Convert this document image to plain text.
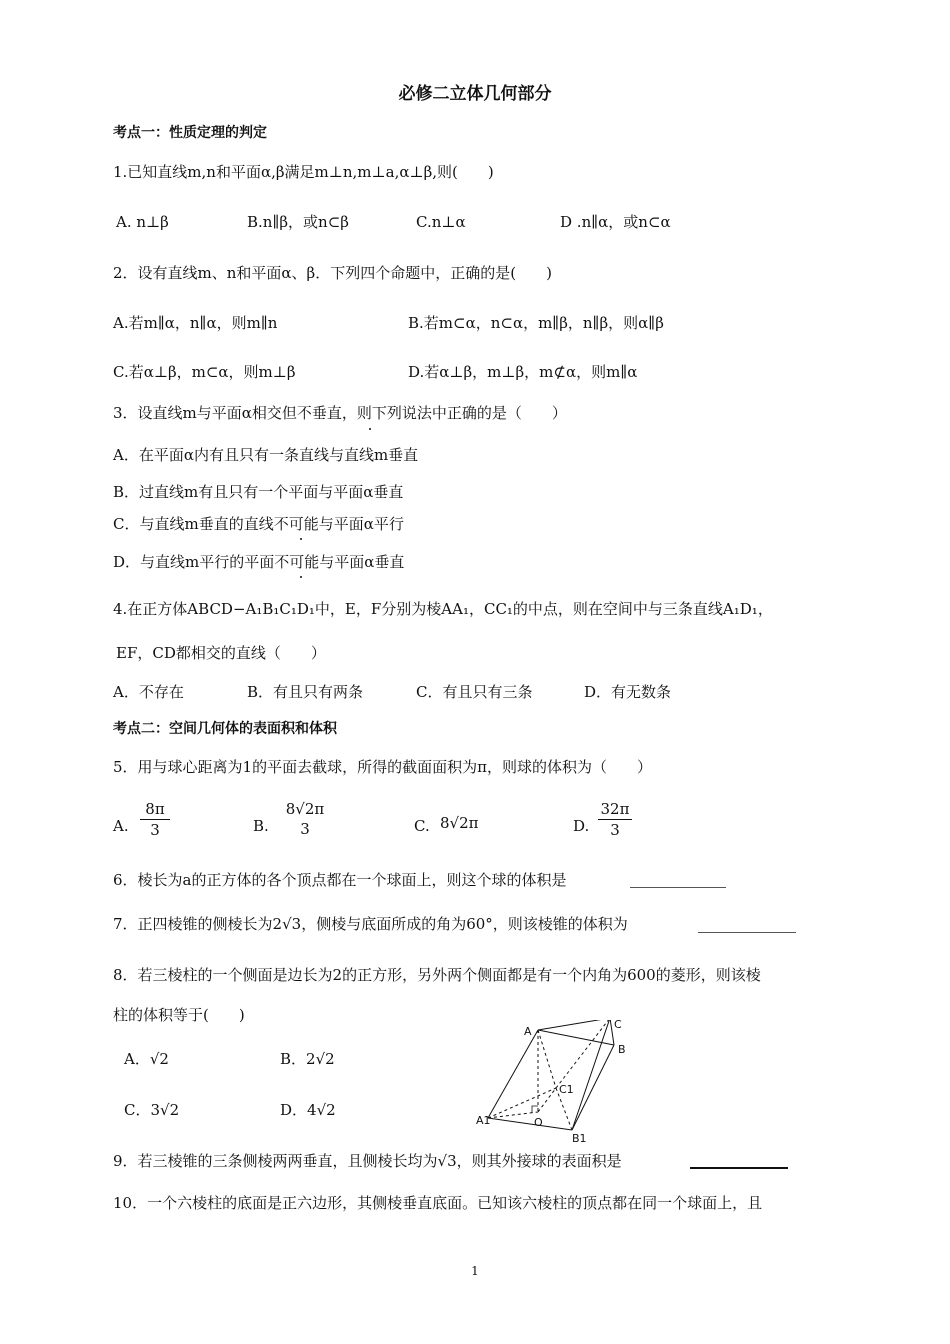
必修二立体几何部分
考点一：性质定理的判定
1.已知直线m,n和平面α,β满足m⊥n,m⊥a,α⊥β,则(　　)
A. n⊥β	B.n∥β，或n⊂β	C.n⊥α	D .n∥α，或n⊂α
2．设有直线m、n和平面α、β．下列四个命题中，正确的是(　　)
A.若m∥α，n∥α，则m∥n	B.若m⊂α，n⊂α，m∥β，n∥β，则α∥β
C.若α⊥β，m⊂α，则m⊥β	D.若α⊥β，m⊥β，m⊄α，则m∥α
3．设直线m与平面α相交但不垂直，则下列说法中正确的是（　　）
A．在平面α内有且只有一条直线与直线m垂直
B．过直线m有且只有一个平面与平面α垂直
C．与直线m垂直的直线不可能与平面α平行
D．与直线m平行的平面不可能与平面α垂直
4.在正方体ABCD−A₁B₁C₁D₁中，E，F分别为棱AA₁，CC₁的中点，则在空间中与三条直线A₁D₁，
EF，CD都相交的直线（　　）
A．不存在	B．有且只有两条	C．有且只有三条	D．有无数条
考点二：空间几何体的表面积和体积
5．用与球心距离为1的平面去截球，所得的截面面积为π，则球的体积为（　　）
A.
8π
3	B.
8√2π
3	C. 8√2π	D.
32π
3
6．棱长为a的正方体的各个顶点都在一个球面上，则这个球的体积是
7．正四棱锥的侧棱长为2√3，侧棱与底面所成的角为60°，则该棱锥的体积为
8．若三棱柱的一个侧面是边长为2的正方形，另外两个侧面都是有一个内角为600的菱形，则该棱
柱的体积等于(　　)
A．√2	B．2√2
C．3√2	D．4√2
C
A
B
C1
A1	O
B1
9．若三棱锥的三条侧棱两两垂直，且侧棱长均为√3，则其外接球的表面积是
10．一个六棱柱的底面是正六边形，其侧棱垂直底面。已知该六棱柱的顶点都在同一个球面上，且
1
